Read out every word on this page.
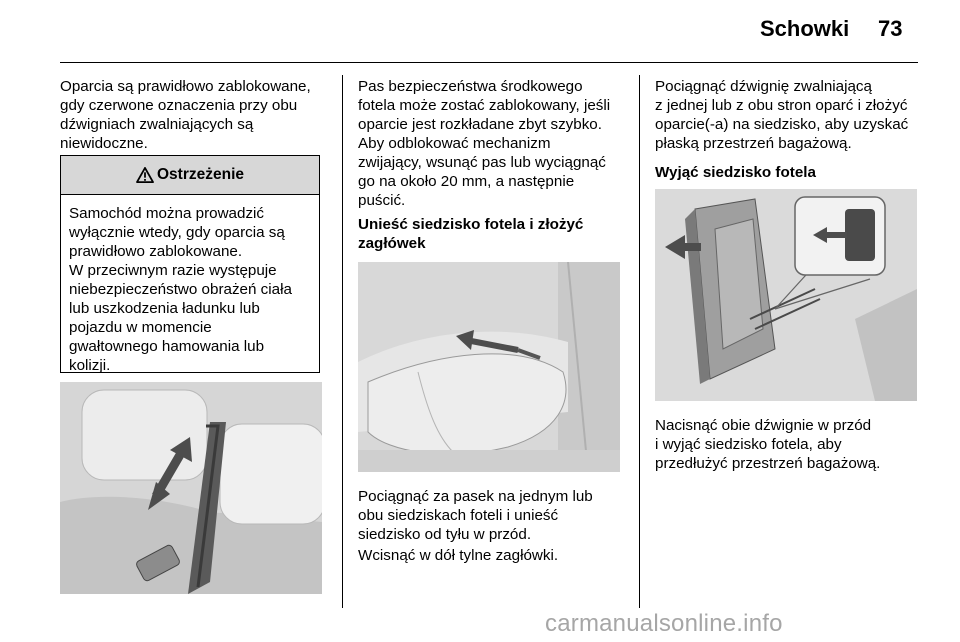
Schowki 73

Oparcia są prawidłowo zablokowane,
gdy czerwone oznaczenia przy obu
dźwigniach zwalniających są
niewidoczne.

Ostrzeżenie

Samochód można prowadzić
wyłącznie wtedy, gdy oparcia są
prawidłowo zablokowane.
W przeciwnym razie występuje
niebezpieczeństwo obrażeń ciała
lub uszkodzenia ładunku lub
pojazdu w momencie
gwałtownego hamowania lub
kolizji.

Pas bezpieczeństwa środkowego
fotela może zostać zablokowany, jeśli
oparcie jest rozkładane zbyt szybko.
Aby odblokować mechanizm
zwijający, wsunąć pas lub wyciągnąć
go na około 20 mm, a następnie
puścić.

Unieść siedzisko fotela i złożyć
zagłówek

Pociągnąć za pasek na jednym lub
obu siedziskach foteli i unieść
siedzisko od tyłu w przód.

Wcisnąć w dół tylne zagłówki.

Pociągnąć dźwignię zwalniającą
z jednej lub z obu stron oparć i złożyć
oparcie(-a) na siedzisko, aby uzyskać
płaską przestrzeń bagażową.

Wyjąć siedzisko fotela

Nacisnąć obie dźwignie w przód
i wyjąć siedzisko fotela, aby
przedłużyć przestrzeń bagażową.

carmanualsonline.info
